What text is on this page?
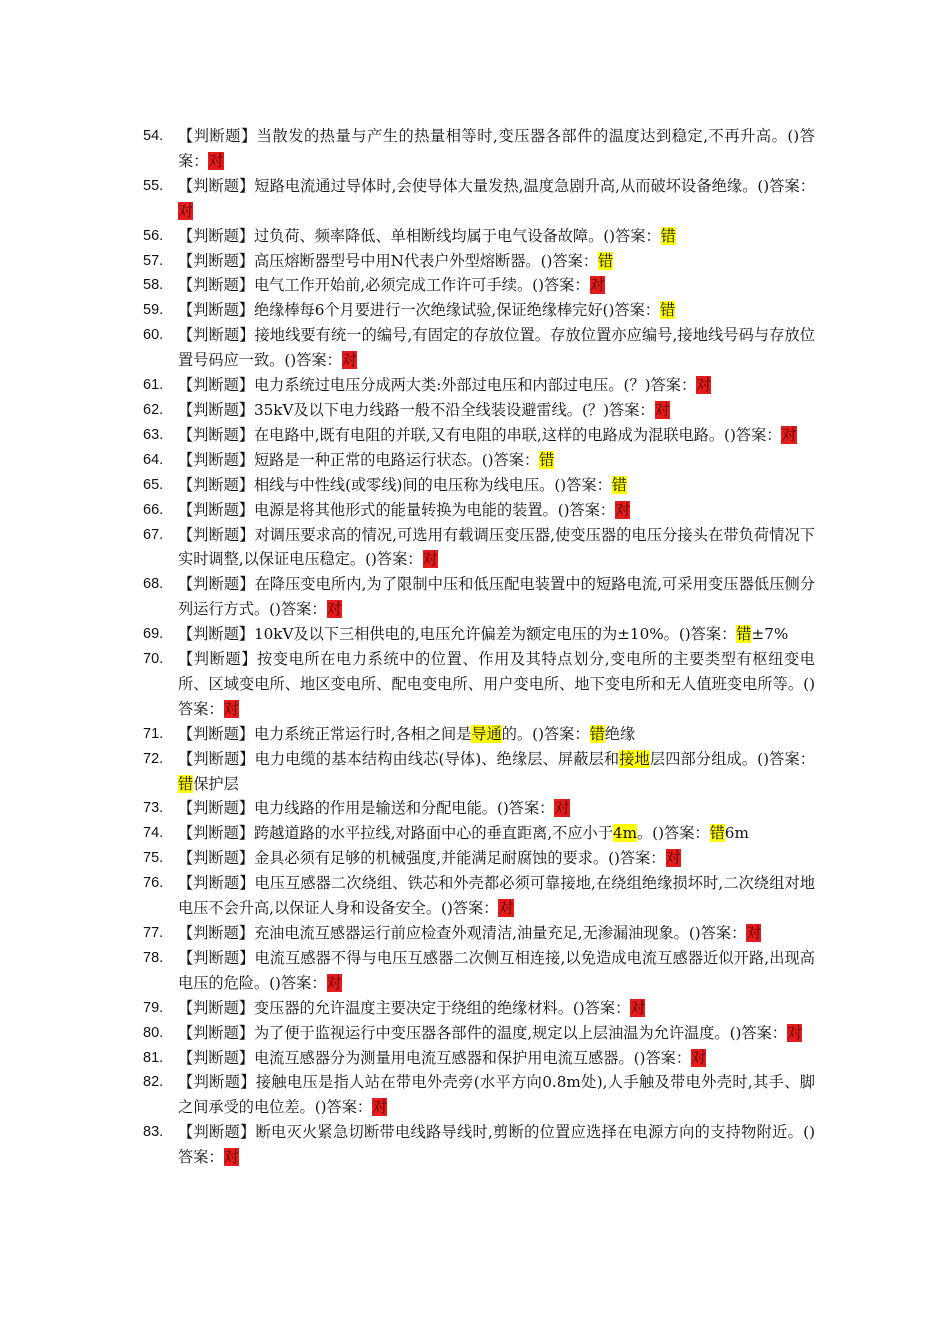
54. 【判断题】当散发的热量与产生的热量相等时,变压器各部件的温度达到稳定,不再升高。()答案：对
55. 【判断题】短路电流通过导体时,会使导体大量发热,温度急剧升高,从而破坏设备绝缘。()答案：对
56. 【判断题】过负荷、频率降低、单相断线均属于电气设备故障。()答案：错
57. 【判断题】高压熔断器型号中用N代表户外型熔断器。()答案：错
58. 【判断题】电气工作开始前,必须完成工作许可手续。()答案：对
59. 【判断题】绝缘棒每6个月要进行一次绝缘试验,保证绝缘棒完好()答案：错
60. 【判断题】接地线要有统一的编号,有固定的存放位置。存放位置亦应编号,接地线号码与存放位置号码应一致。()答案：对
61. 【判断题】电力系统过电压分成两大类:外部过电压和内部过电压。(？)答案：对
62. 【判断题】35kV及以下电力线路一般不沿全线装设避雷线。(？)答案：对
63. 【判断题】在电路中,既有电阻的并联,又有电阻的串联,这样的电路成为混联电路。()答案：对
64. 【判断题】短路是一种正常的电路运行状态。()答案：错
65. 【判断题】相线与中性线(或零线)间的电压称为线电压。()答案：错
66. 【判断题】电源是将其他形式的能量转换为电能的装置。()答案：对
67. 【判断题】对调压要求高的情况,可选用有载调压变压器,使变压器的电压分接头在带负荷情况下实时调整,以保证电压稳定。()答案：对
68. 【判断题】在降压变电所内,为了限制中压和低压配电装置中的短路电流,可采用变压器低压侧分列运行方式。()答案：对
69. 【判断题】10kV及以下三相供电的,电压允许偏差为额定电压的为±10%。()答案：错±7%
70. 【判断题】按变电所在电力系统中的位置、作用及其特点划分,变电所的主要类型有枢纽变电所、区域变电所、地区变电所、配电变电所、用户变电所、地下变电所和无人值班变电所等。()答案：对
71. 【判断题】电力系统正常运行时,各相之间是导通的。()答案：错绝缘
72. 【判断题】电力电缆的基本结构由线芯(导体)、绝缘层、屏蔽层和接地层四部分组成。()答案：错保护层
73. 【判断题】电力线路的作用是输送和分配电能。()答案：对
74. 【判断题】跨越道路的水平拉线,对路面中心的垂直距离,不应小于4m。()答案：错6m
75. 【判断题】金具必须有足够的机械强度,并能满足耐腐蚀的要求。()答案：对
76. 【判断题】电压互感器二次绕组、铁芯和外壳都必须可靠接地,在绕组绝缘损坏时,二次绕组对地电压不会升高,以保证人身和设备安全。()答案：对
77. 【判断题】充油电流互感器运行前应检查外观清洁,油量充足,无渗漏油现象。()答案：对
78. 【判断题】电流互感器不得与电压互感器二次侧互相连接,以免造成电流互感器近似开路,出现高电压的危险。()答案：对
79. 【判断题】变压器的允许温度主要决定于绕组的绝缘材料。()答案：对
80. 【判断题】为了便于监视运行中变压器各部件的温度,规定以上层油温为允许温度。()答案：对
81. 【判断题】电流互感器分为测量用电流互感器和保护用电流互感器。()答案：对
82. 【判断题】接触电压是指人站在带电外壳旁(水平方向0.8m处),人手触及带电外壳时,其手、脚之间承受的电位差。()答案：对
83. 【判断题】断电灭火紧急切断带电线路导线时,剪断的位置应选择在电源方向的支持物附近。()答案：对
